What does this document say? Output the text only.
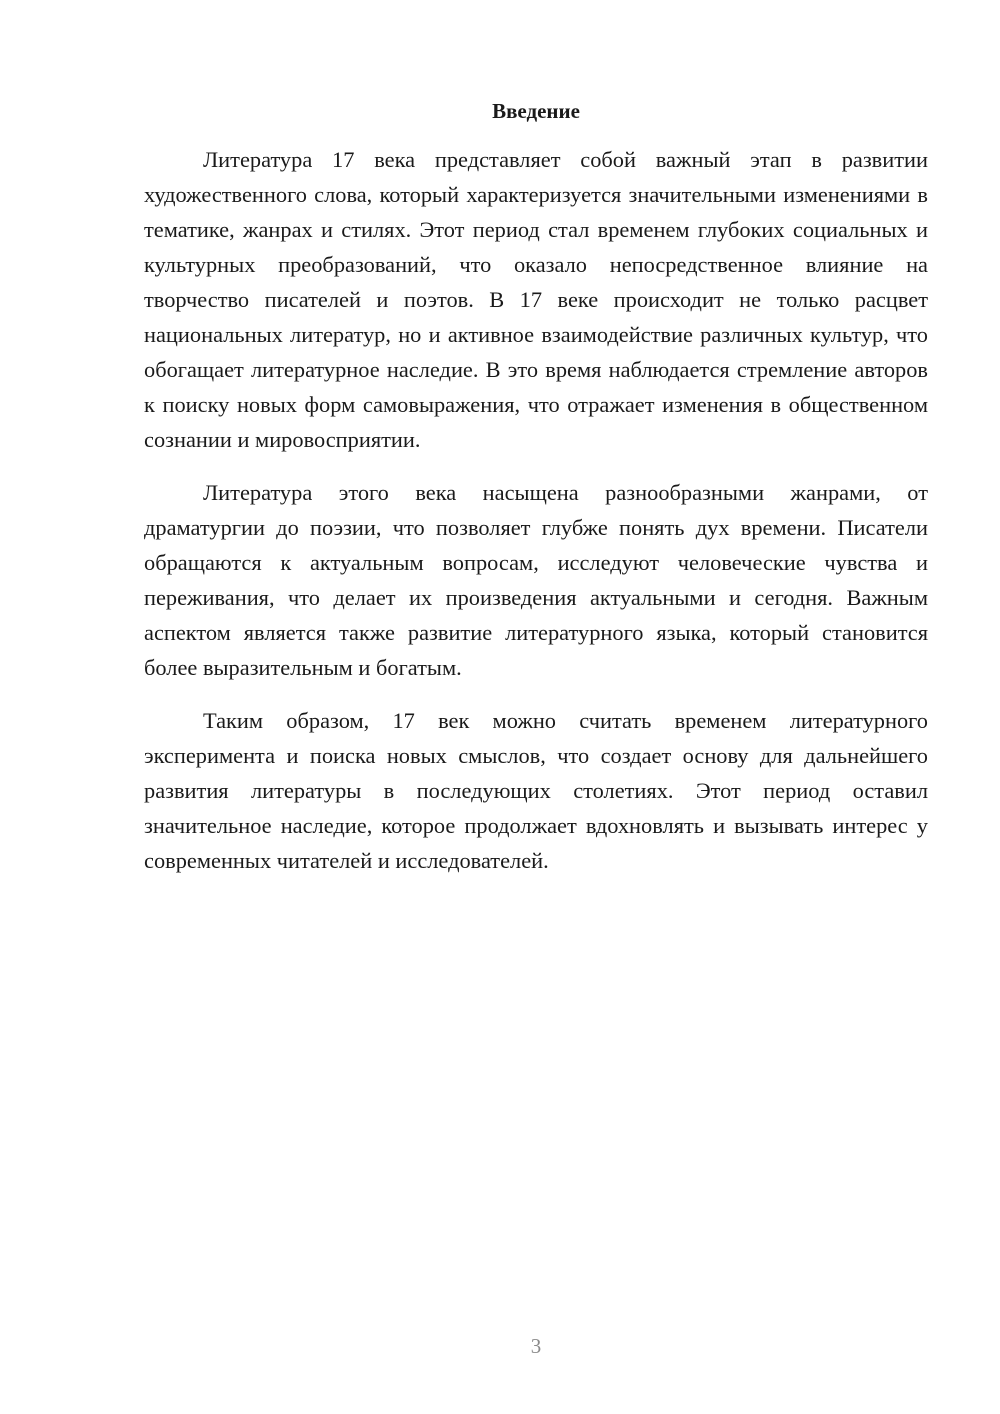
Введение

Литература 17 века представляет собой важный этап в развитии художественного слова, который характеризуется значительными изменениями в тематике, жанрах и стилях. Этот период стал временем глубоких социальных и культурных преобразований, что оказало непосредственное влияние на творчество писателей и поэтов. В 17 веке происходит не только расцвет национальных литератур, но и активное взаимодействие различных культур, что обогащает литературное наследие. В это время наблюдается стремление авторов к поиску новых форм самовыражения, что отражает изменения в общественном сознании и мировосприятии.

Литература этого века насыщена разнообразными жанрами, от драматургии до поэзии, что позволяет глубже понять дух времени. Писатели обращаются к актуальным вопросам, исследуют человеческие чувства и переживания, что делает их произведения актуальными и сегодня. Важным аспектом является также развитие литературного языка, который становится более выразительным и богатым.

Таким образом, 17 век можно считать временем литературного эксперимента и поиска новых смыслов, что создает основу для дальнейшего развития литературы в последующих столетиях. Этот период оставил значительное наследие, которое продолжает вдохновлять и вызывать интерес у современных читателей и исследователей.

3
